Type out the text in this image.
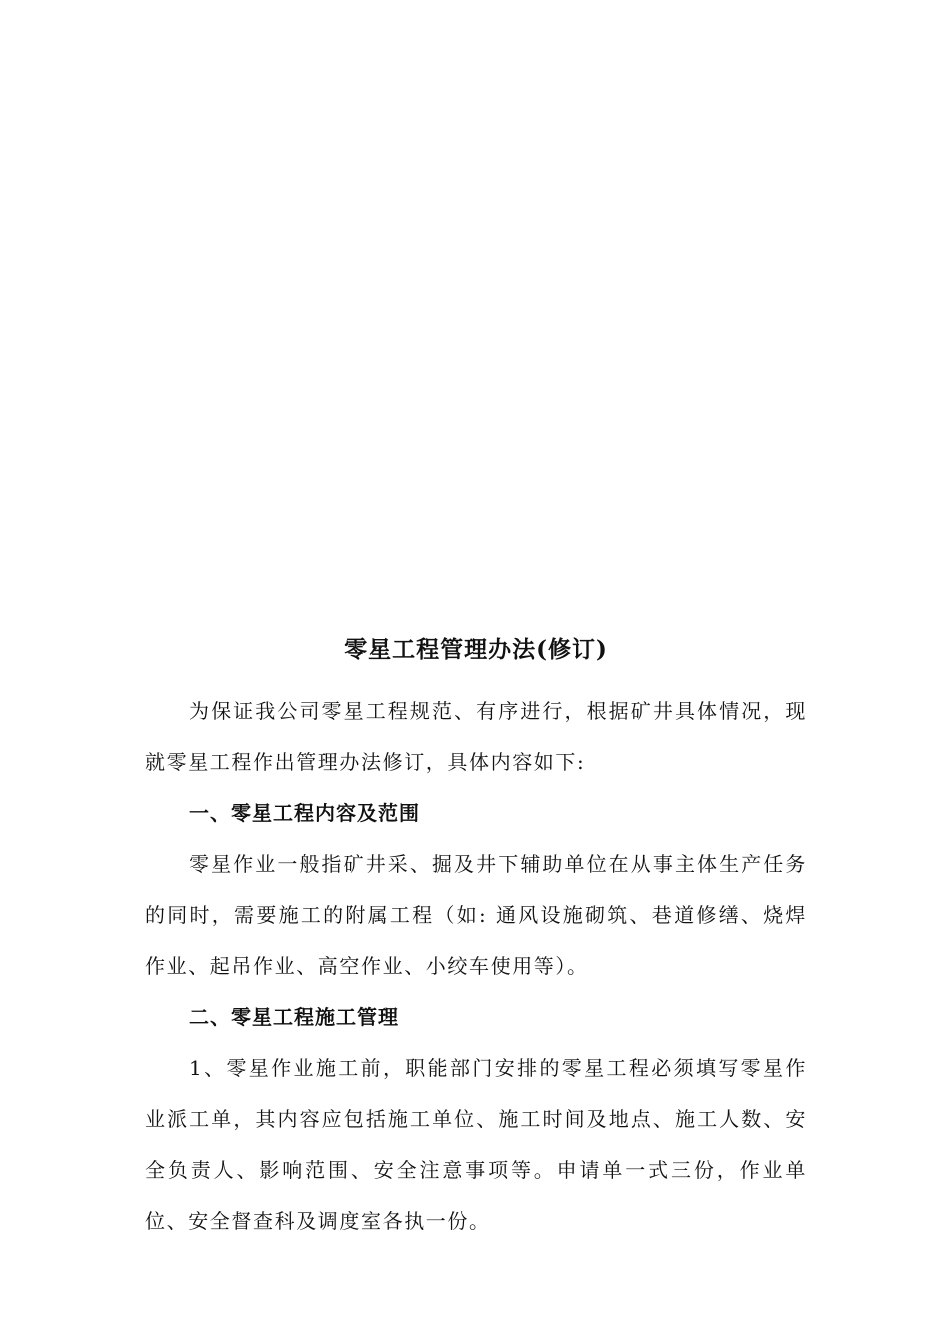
零星工程管理办法(修订)

为保证我公司零星工程规范、有序进行，根据矿井具体情况，现就零星工程作出管理办法修订，具体内容如下:

一、零星工程内容及范围

零星作业一般指矿井采、掘及井下辅助单位在从事主体生产任务的同时，需要施工的附属工程（如: 通风设施砌筑、巷道修缮、烧焊作业、起吊作业、高空作业、小绞车使用等）。

二、零星工程施工管理

1、零星作业施工前，职能部门安排的零星工程必须填写零星作业派工单，其内容应包括施工单位、施工时间及地点、施工人数、安全负责人、影响范围、安全注意事项等。申请单一式三份，作业单位、安全督查科及调度室各执一份。
